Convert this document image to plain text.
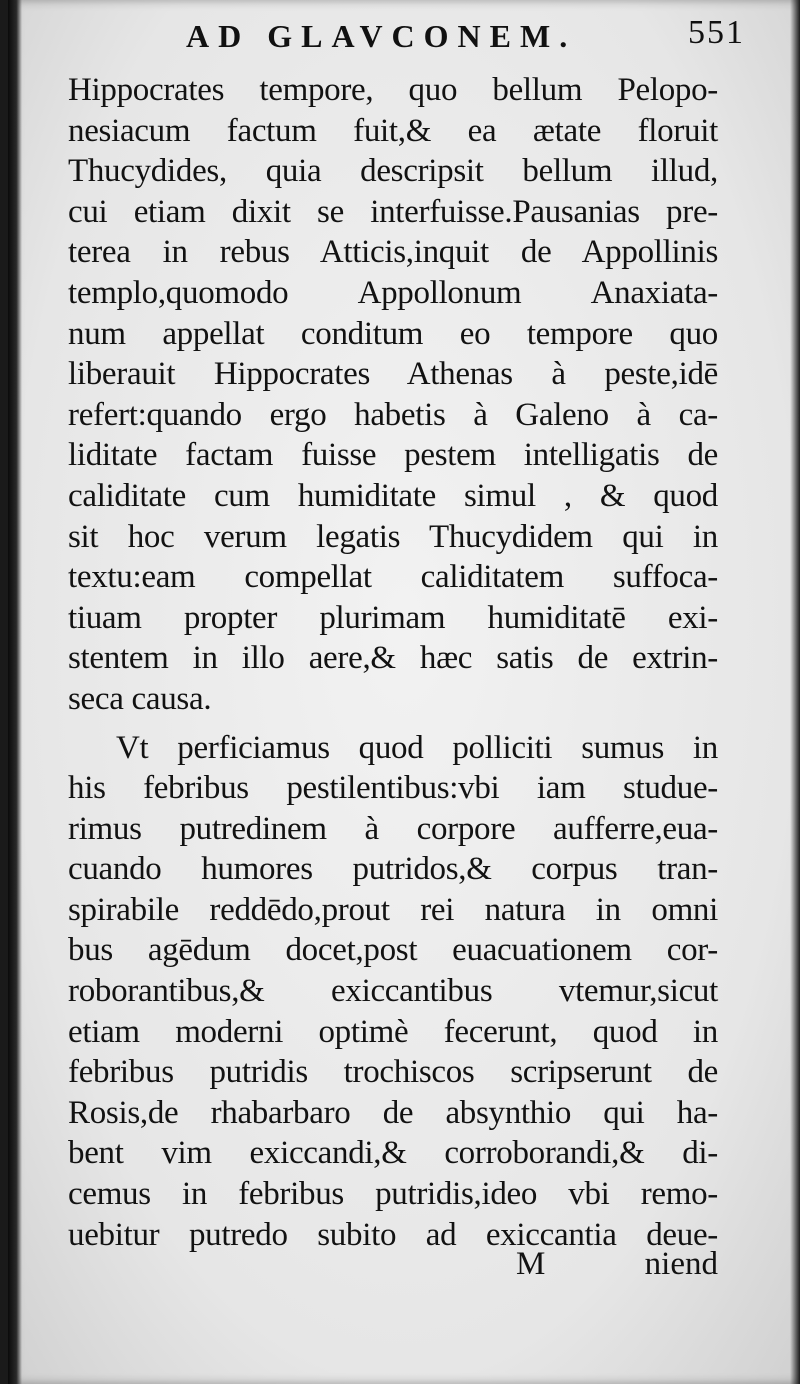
AD GLAVCONEM.	551
Hippocrates tempore, quo bellum Pelopo-
nesiacum factum fuit,& ea ætate floruit
Thucydides, quia descripsit bellum illud,
cui etiam dixit se interfuisse.Pausanias pre-
terea in rebus Atticis,inquit de Appollinis
templo,quomodo Appollonum Anaxiata-
num appellat conditum eo tempore quo
liberauit Hippocrates Athenas à peste,idē
refert:quando ergo habetis à Galeno à ca-
liditate factam fuisse pestem intelligatis de
caliditate cum humiditate simul , & quod
sit hoc verum legatis Thucydidem qui in
textu:eam compellat caliditatem suffoca-
tiuam propter plurimam humiditatē exi-
stentem in illo aere,& hæc satis de extrin-
seca causa.
Vt perficiamus quod polliciti sumus in
his febribus pestilentibus:vbi iam studue-
rimus putredinem à corpore aufferre,eua-
cuando humores putridos,& corpus tran-
spirabile reddēdo,prout rei natura in omni
bus agēdum docet,post euacuationem cor-
roborantibus,& exiccantibus vtemur,sicut
etiam moderni optimè fecerunt, quod in
febribus putridis trochiscos scripserunt de
Rosis,de rhabarbaro de absynthio qui ha-
bent vim exiccandi,& corroborandi,& di-
cemus in febribus putridis,ideo vbi remo-
uebitur putredo subito ad exiccantia deue-
M	niend
